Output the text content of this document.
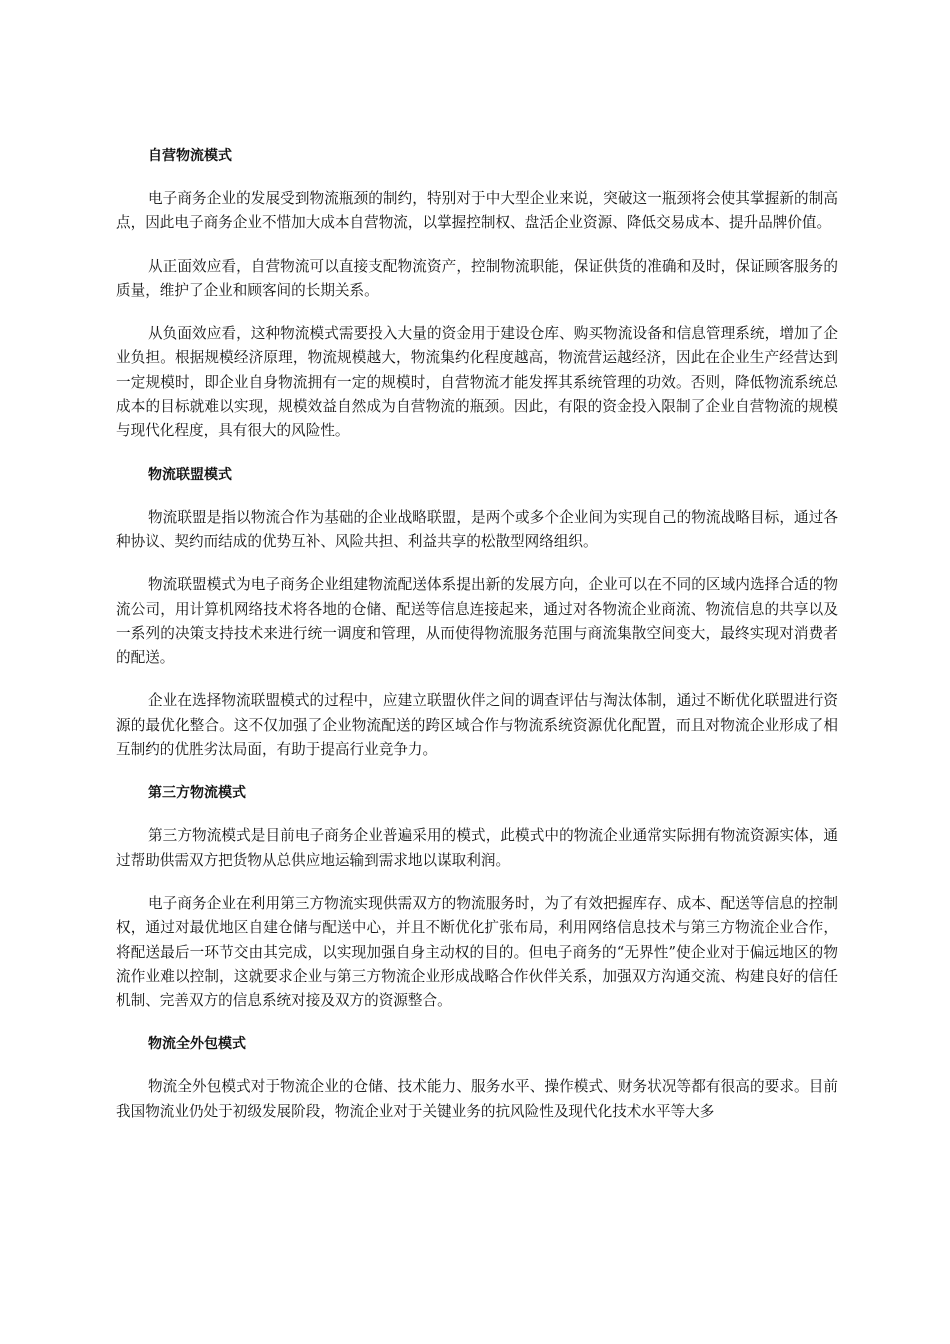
自营物流模式

电子商务企业的发展受到物流瓶颈的制约，特别对于中大型企业来说，突破这一瓶颈将会使其掌握新的制高点，因此电子商务企业不惜加大成本自营物流，以掌握控制权、盘活企业资源、降低交易成本、提升品牌价值。

从正面效应看，自营物流可以直接支配物流资产，控制物流职能，保证供货的准确和及时，保证顾客服务的质量，维护了企业和顾客间的长期关系。

从负面效应看，这种物流模式需要投入大量的资金用于建设仓库、购买物流设备和信息管理系统，增加了企业负担。根据规模经济原理，物流规模越大，物流集约化程度越高，物流营运越经济，因此在企业生产经营达到一定规模时，即企业自身物流拥有一定的规模时，自营物流才能发挥其系统管理的功效。否则，降低物流系统总成本的目标就难以实现，规模效益自然成为自营物流的瓶颈。因此，有限的资金投入限制了企业自营物流的规模与现代化程度，具有很大的风险性。

物流联盟模式

物流联盟是指以物流合作为基础的企业战略联盟，是两个或多个企业间为实现自己的物流战略目标，通过各种协议、契约而结成的优势互补、风险共担、利益共享的松散型网络组织。

物流联盟模式为电子商务企业组建物流配送体系提出新的发展方向，企业可以在不同的区域内选择合适的物流公司，用计算机网络技术将各地的仓储、配送等信息连接起来，通过对各物流企业商流、物流信息的共享以及一系列的决策支持技术来进行统一调度和管理，从而使得物流服务范围与商流集散空间变大，最终实现对消费者的配送。

企业在选择物流联盟模式的过程中，应建立联盟伙伴之间的调查评估与淘汰体制，通过不断优化联盟进行资源的最优化整合。这不仅加强了企业物流配送的跨区域合作与物流系统资源优化配置，而且对物流企业形成了相互制约的优胜劣汰局面，有助于提高行业竞争力。

第三方物流模式

第三方物流模式是目前电子商务企业普遍采用的模式，此模式中的物流企业通常实际拥有物流资源实体，通过帮助供需双方把货物从总供应地运输到需求地以谋取利润。

电子商务企业在利用第三方物流实现供需双方的物流服务时，为了有效把握库存、成本、配送等信息的控制权，通过对最优地区自建仓储与配送中心，并且不断优化扩张布局，利用网络信息技术与第三方物流企业合作，将配送最后一环节交由其完成，以实现加强自身主动权的目的。但电子商务的“无界性”使企业对于偏远地区的物流作业难以控制，这就要求企业与第三方物流企业形成战略合作伙伴关系，加强双方沟通交流、构建良好的信任机制、完善双方的信息系统对接及双方的资源整合。

物流全外包模式

物流全外包模式对于物流企业的仓储、技术能力、服务水平、操作模式、财务状况等都有很高的要求。目前我国物流业仍处于初级发展阶段，物流企业对于关键业务的抗风险性及现代化技术水平等大多
